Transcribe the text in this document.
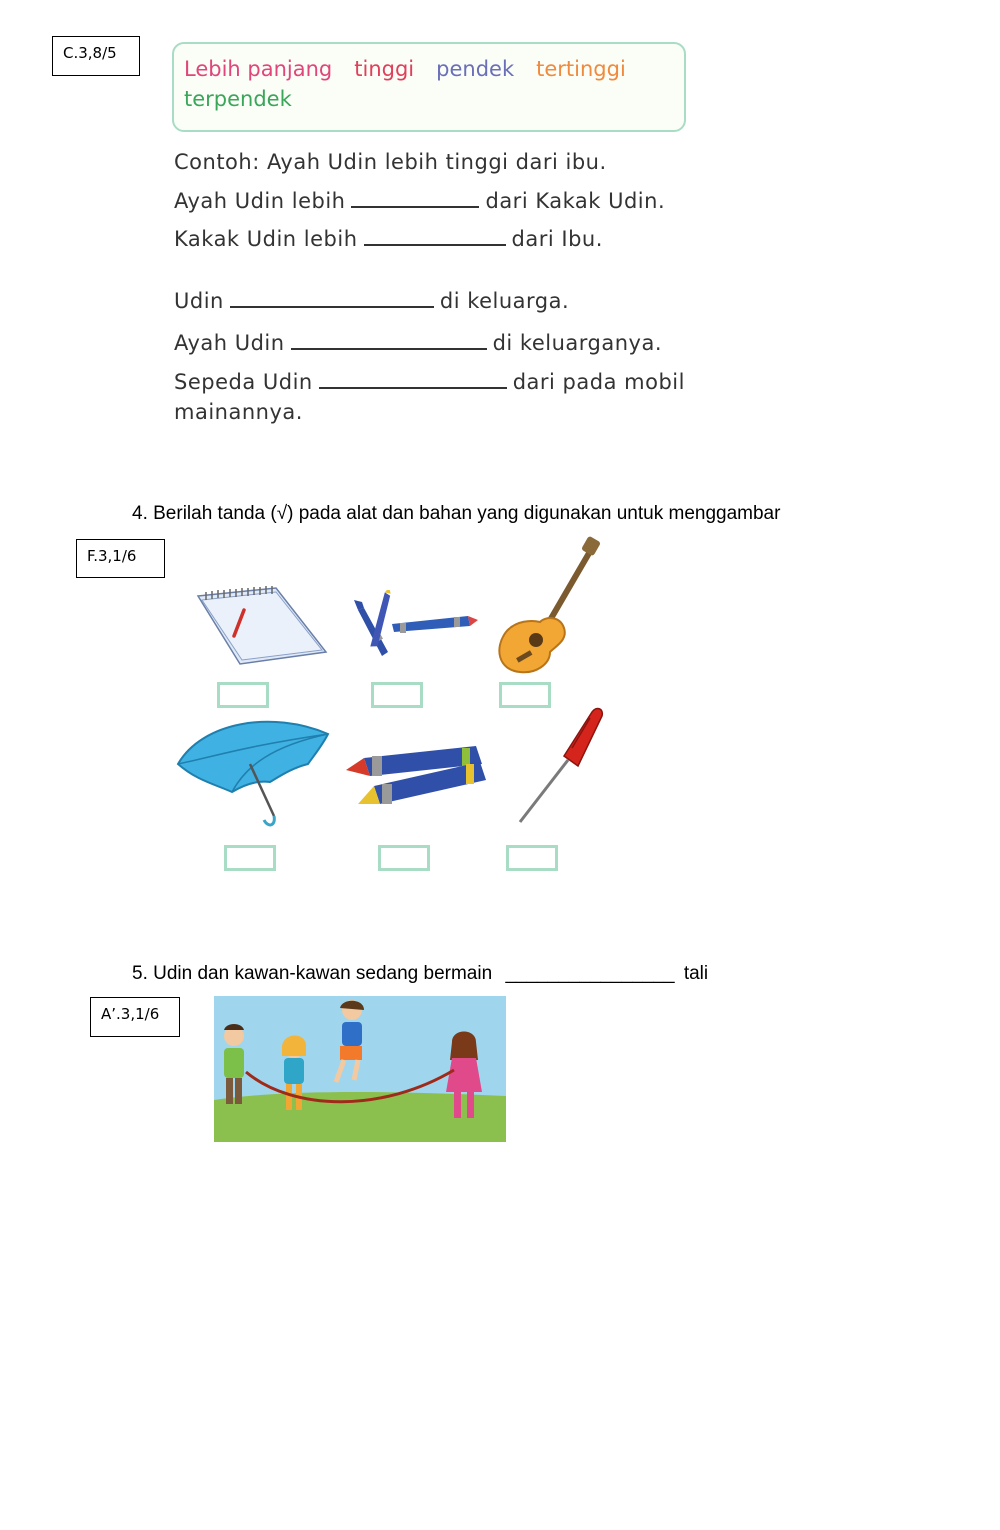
C.3,8/5
Lebih panjang tinggi pendek tertinggi
terpendek
Contoh: Ayah Udin lebih tinggi dari ibu.
Ayah Udin lebih	dari Kakak Udin.
Kakak Udin lebih	dari Ibu.
Udin	di keluarga.
Ayah Udin	di keluarganya.
Sepeda Udin	dari pada mobil
mainannya.
4. Berilah tanda (√) pada alat dan bahan yang digunakan untuk menggambar
F.3,1/6
5. Udin dan kawan-kawan sedang bermain ________________ tali
A’.3,1/6
